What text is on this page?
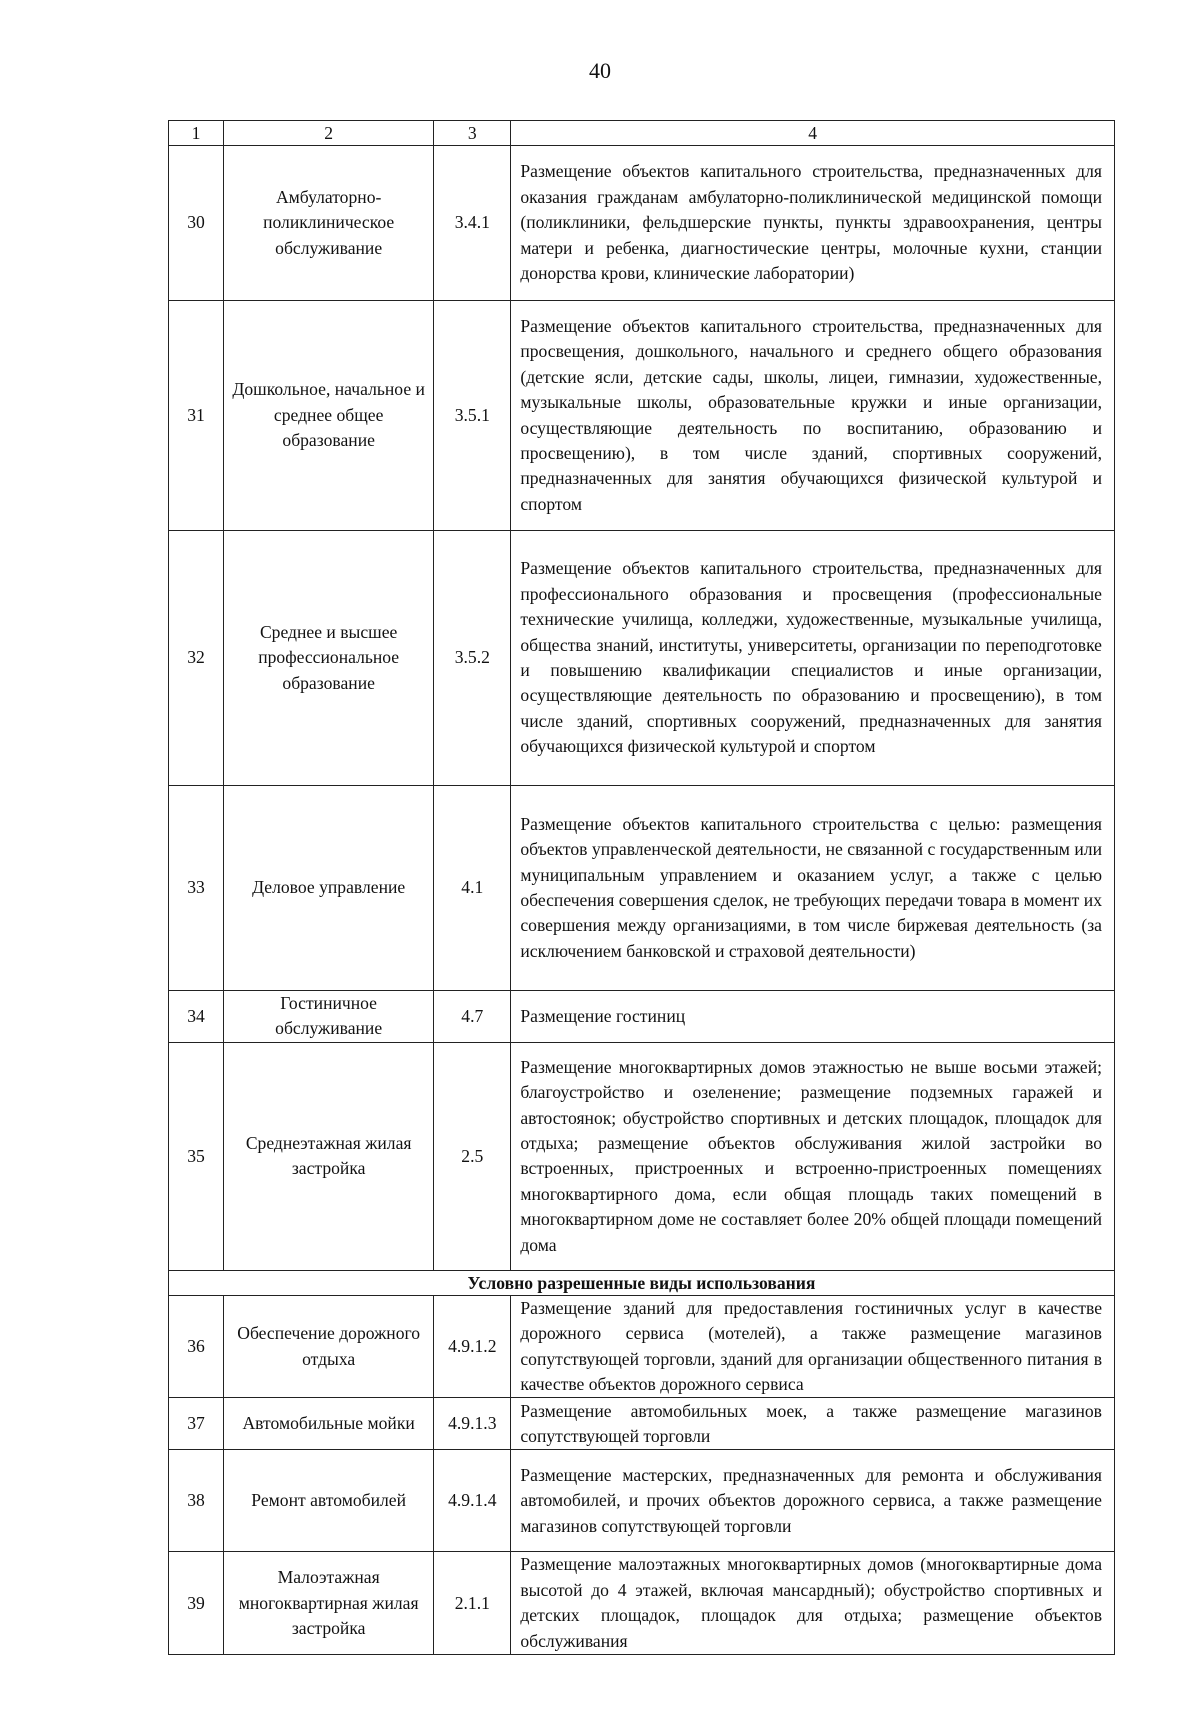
40
1	2	3	4
30	Амбулаторно-поликлиническое обслуживание	3.4.1	Размещение объектов капитального строительства, предназначенных для оказания гражданам амбулаторно-поликлинической медицинской помощи (поликлиники, фельдшерские пункты, пункты здравоохранения, центры матери и ребенка, диагностические центры, молочные кухни, станции донорства крови, клинические лаборатории)
31	Дошкольное, начальное и среднее общее образование	3.5.1	Размещение объектов капитального строительства, предназначенных для просвещения, дошкольного, начального и среднего общего образования (детские ясли, детские сады, школы, лицеи, гимназии, художественные, музыкальные школы, образовательные кружки и иные организации, осуществляющие деятельность по воспитанию, образованию и просвещению), в том числе зданий, спортивных сооружений, предназначенных для занятия обучающихся физической культурой и спортом
32	Среднее и высшее профессиональное образование	3.5.2	Размещение объектов капитального строительства, предназначенных для профессионального образования и просвещения (профессиональные технические училища, колледжи, художественные, музыкальные училища, общества знаний, институты, университеты, организации по переподготовке и повышению квалификации специалистов и иные организации, осуществляющие деятельность по образованию и просвещению), в том числе зданий, спортивных сооружений, предназначенных для занятия обучающихся физической культурой и спортом
33	Деловое управление	4.1	Размещение объектов капитального строительства с целью: размещения объектов управленческой деятельности, не связанной с государственным или муниципальным управлением и оказанием услуг, а также с целью обеспечения совершения сделок, не требующих передачи товара в момент их совершения между организациями, в том числе биржевая деятельность (за исключением банковской и страховой деятельности)
34	Гостиничное обслуживание	4.7	Размещение гостиниц
35	Среднеэтажная жилая застройка	2.5	Размещение многоквартирных домов этажностью не выше восьми этажей; благоустройство и озеленение; размещение подземных гаражей и автостоянок; обустройство спортивных и детских площадок, площадок для отдыха; размещение объектов обслуживания жилой застройки во встроенных, пристроенных и встроенно-пристроенных помещениях многоквартирного дома, если общая площадь таких помещений в многоквартирном доме не составляет более 20% общей площади помещений дома
Условно разрешенные виды использования			
36	Обеспечение дорожного отдыха	4.9.1.2	Размещение зданий для предоставления гостиничных услуг в качестве дорожного сервиса (мотелей), а также размещение магазинов сопутствующей торговли, зданий для организации общественного питания в качестве объектов дорожного сервиса
37	Автомобильные мойки	4.9.1.3	Размещение автомобильных моек, а также размещение магазинов сопутствующей торговли
38	Ремонт автомобилей	4.9.1.4	Размещение мастерских, предназначенных для ремонта и обслуживания автомобилей, и прочих объектов дорожного сервиса, а также размещение магазинов сопутствующей торговли
39	Малоэтажная многоквартирная жилая застройка	2.1.1	Размещение малоэтажных многоквартирных домов (многоквартирные дома высотой до 4 этажей, включая мансардный); обустройство спортивных и детских площадок, площадок для отдыха; размещение объектов обслуживания
